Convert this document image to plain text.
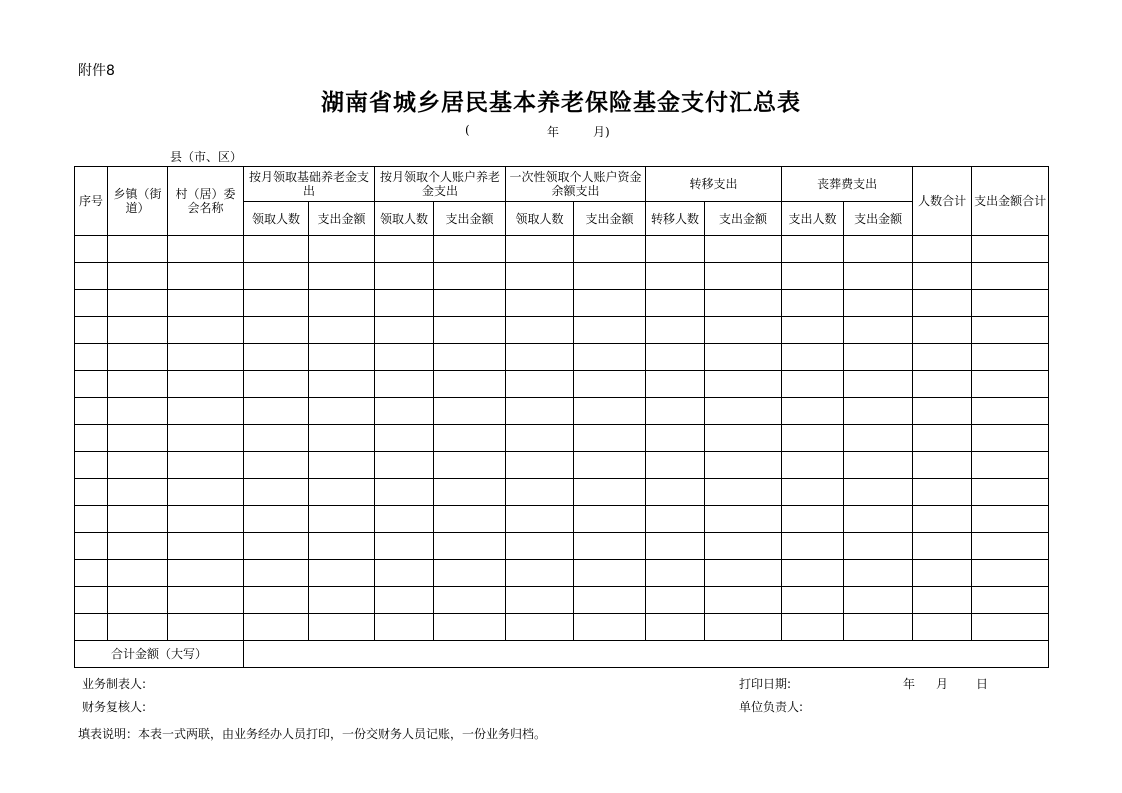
附件8
湖南省城乡居民基本养老保险基金支付汇总表
(	年	月)
县（市、区）
序号	乡镇（街道）	村（居）委会名称	按月领取基础养老金支出		按月领取个人账户养老金支出		一次性领取个人账户资金余额支出		转移支出		丧葬费支出		人数合计	支出金额合计
			领取人数	支出金额	领取人数	支出金额	领取人数	支出金额	转移人数	支出金额	支出人数	支出金额		

合计金额（大写）														
业务制表人:	打印日期:	年 月 日
财务复核人:	单位负责人:
填表说明：本表一式两联，由业务经办人员打印，一份交财务人员记账，一份业务归档。
